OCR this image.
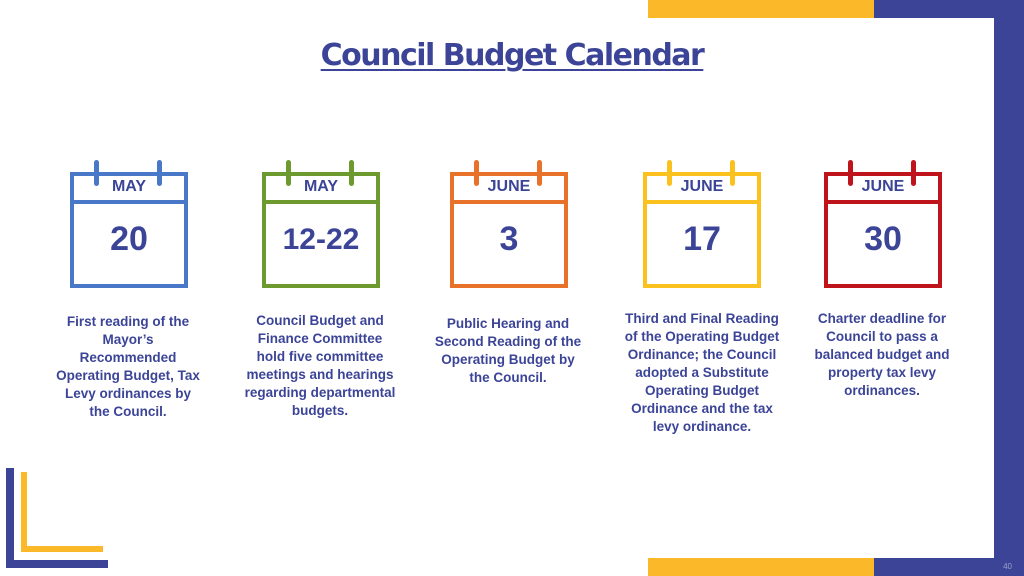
Council Budget Calendar
MAY
20
MAY
12-22
JUNE
3
JUNE
17
JUNE
30
First reading of the Mayor’s Recommended Operating Budget, Tax Levy ordinances by the Council.
Council Budget and Finance Committee hold five committee meetings and hearings regarding departmental budgets.
Public Hearing and Second Reading of the Operating Budget by the Council.
Third and Final Reading of the Operating Budget Ordinance; the Council adopted a Substitute Operating Budget Ordinance and the tax levy ordinance.
Charter deadline for Council to pass a balanced budget and property tax levy ordinances.
40
